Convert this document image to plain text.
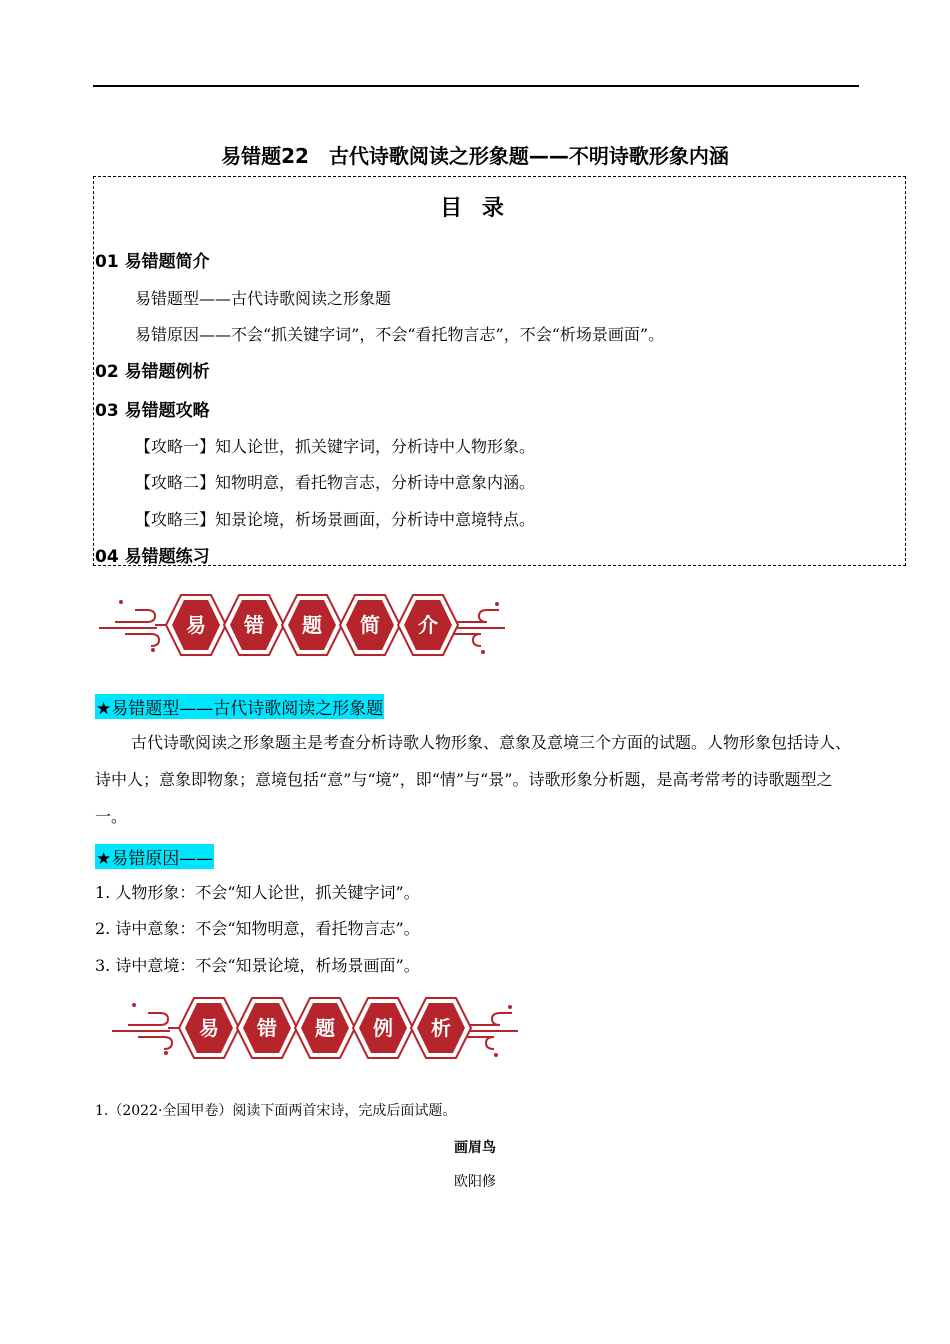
易错题22　古代诗歌阅读之形象题——不明诗歌形象内涵
目 录
01 易错题简介
易错题型——古代诗歌阅读之形象题
易错原因——不会“抓关键字词”，不会“看托物言志”，不会“析场景画面”。
02 易错题例析
03 易错题攻略
【攻略一】知人论世，抓关键字词，分析诗中人物形象。
【攻略二】知物明意，看托物言志，分析诗中意象内涵。
【攻略三】知景论境，析场景画面，分析诗中意境特点。
04 易错题练习
易 错 题 简 介
★易错题型——古代诗歌阅读之形象题
古代诗歌阅读之形象题主是考查分析诗歌人物形象、意象及意境三个方面的试题。人物形象包括诗人、诗中人；意象即物象；意境包括“意”与“境”，即“情”与“景”。诗歌形象分析题，是高考常考的诗歌题型之一。
★易错原因——
1. 人物形象：不会“知人论世，抓关键字词”。
2. 诗中意象：不会“知物明意，看托物言志”。
3. 诗中意境：不会“知景论境，析场景画面”。
易 错 题 例 析
1.（2022·全国甲卷）阅读下面两首宋诗，完成后面试题。
画眉鸟
欧阳修
